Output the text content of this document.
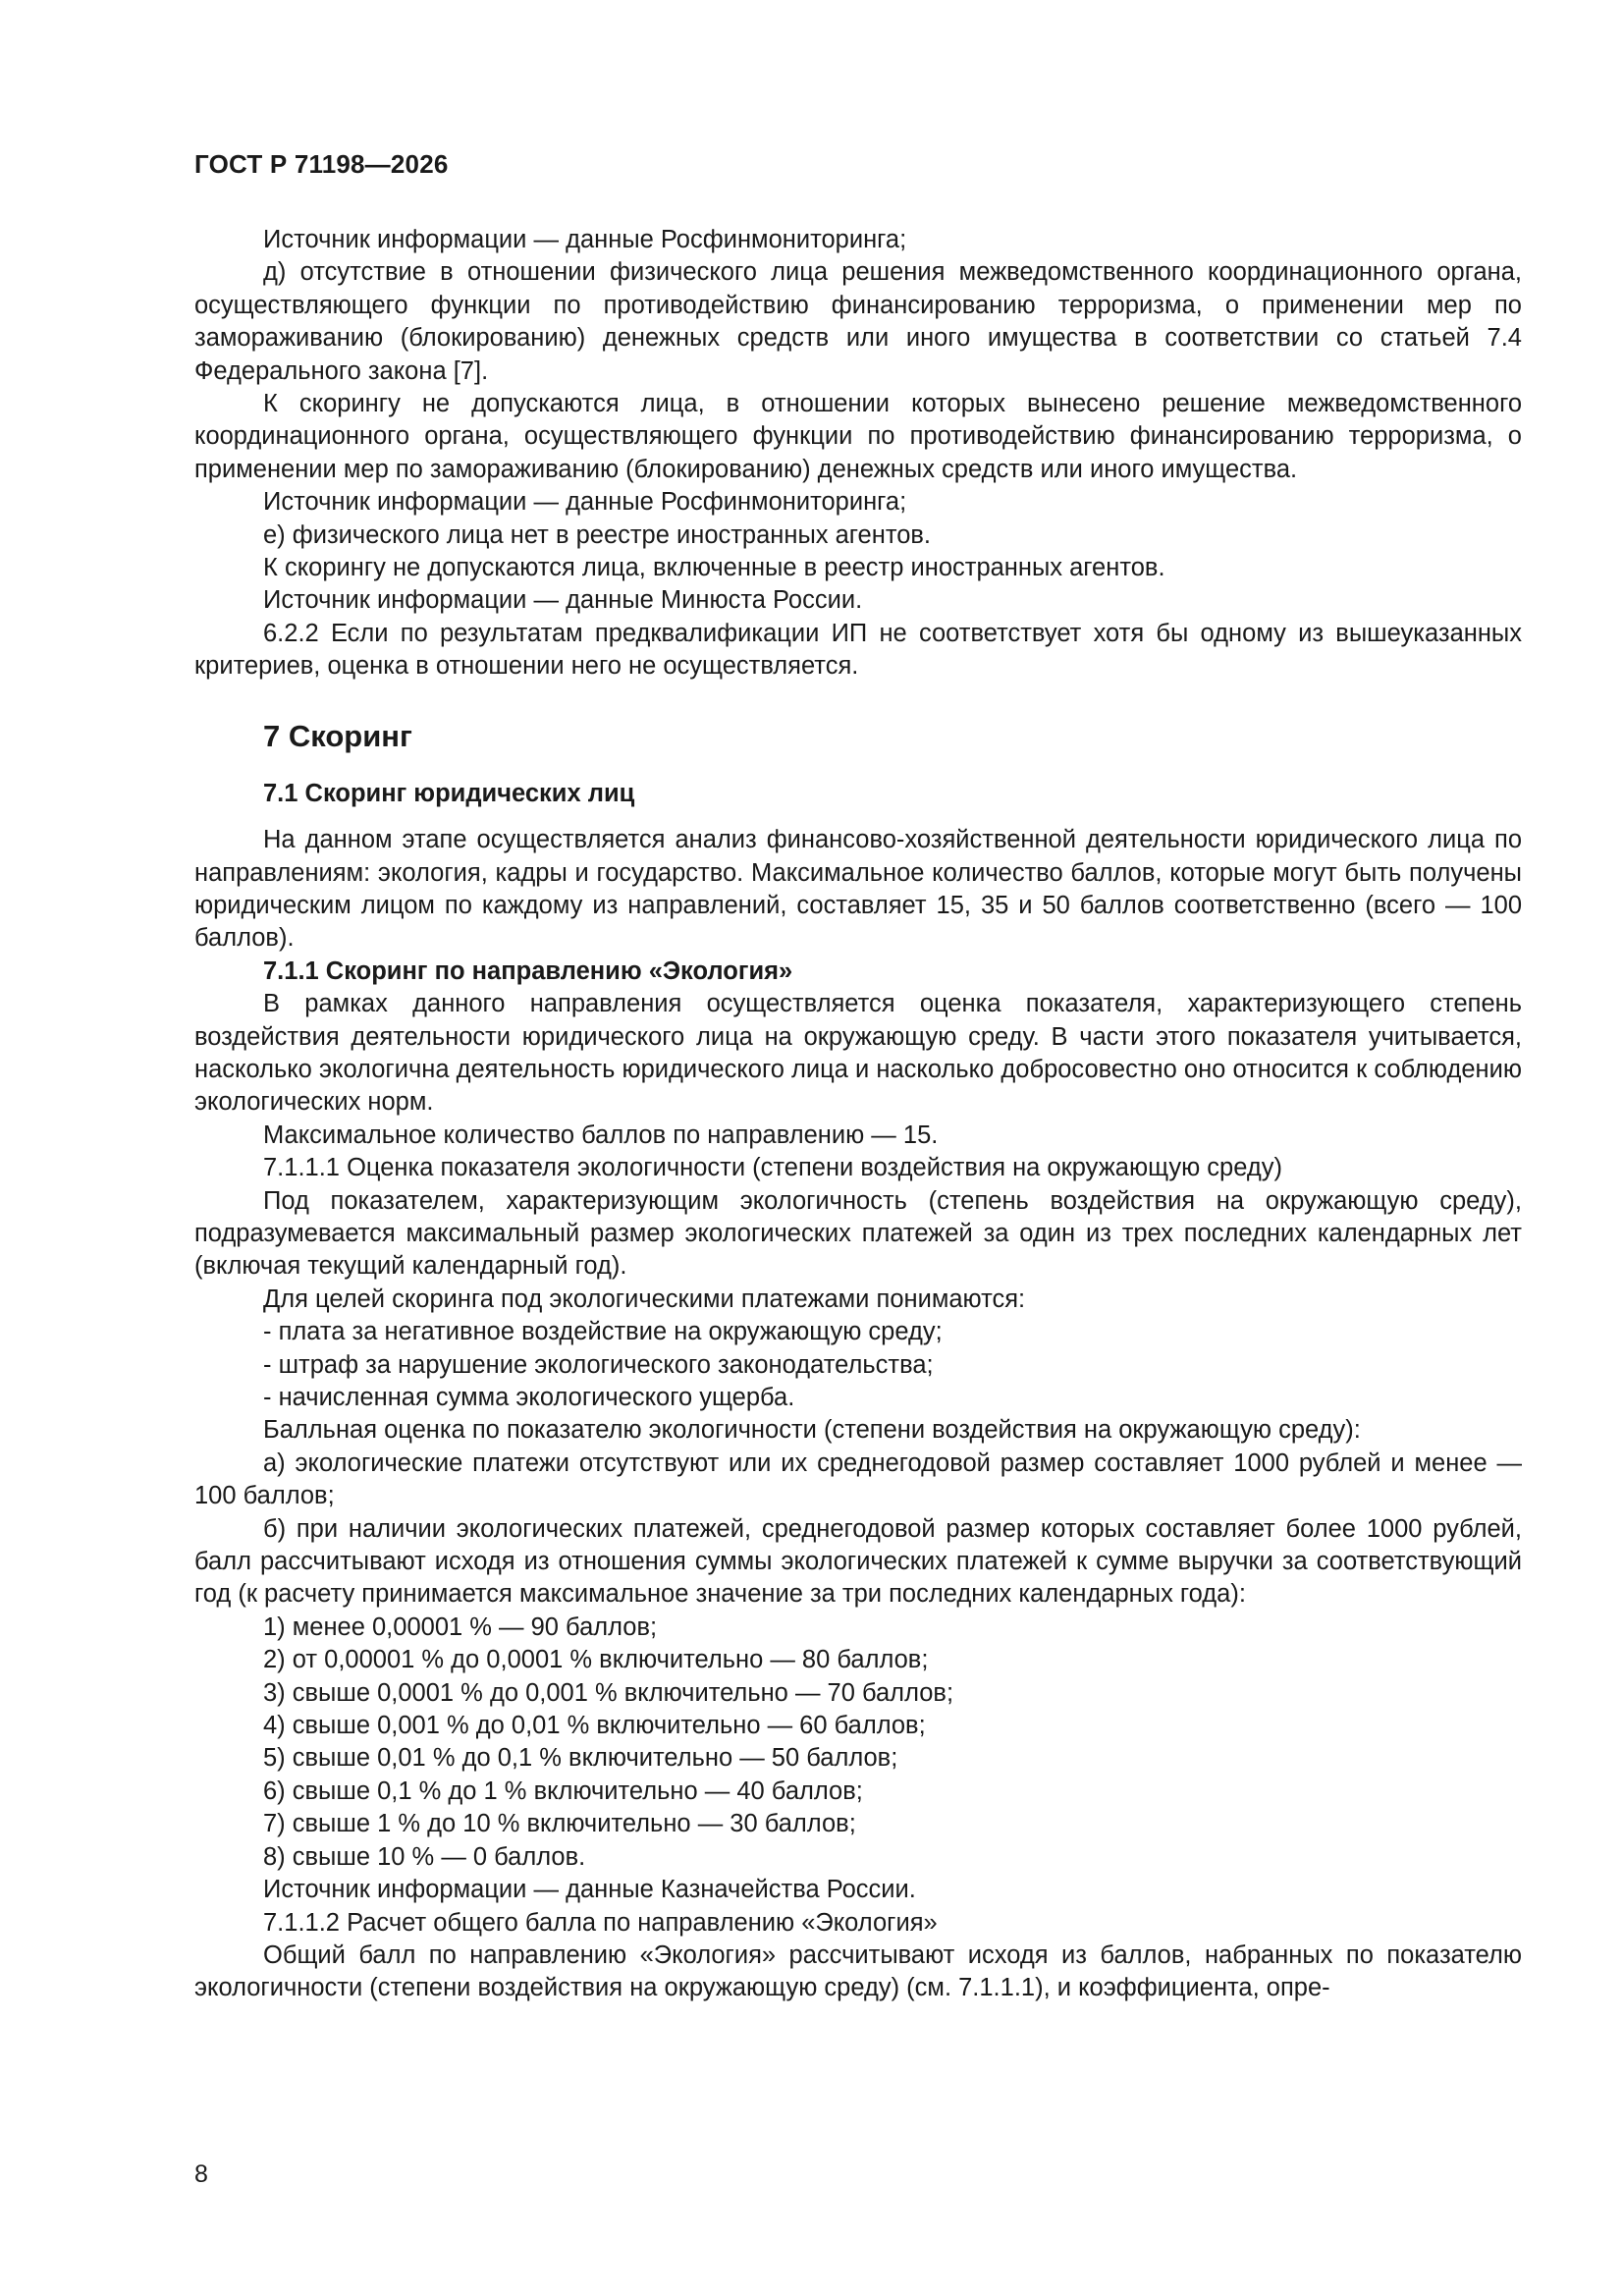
ГОСТ Р 71198—2026

Источник информации — данные Росфинмониторинга;

д) отсутствие в отношении физического лица решения межведомственного координационного органа, осуществляющего функции по противодействию финансированию терроризма, о применении мер по замораживанию (блокированию) денежных средств или иного имущества в соответствии со статьей 7.4 Федерального закона [7].

К скорингу не допускаются лица, в отношении которых вынесено решение межведомственного координационного органа, осуществляющего функции по противодействию финансированию терроризма, о применении мер по замораживанию (блокированию) денежных средств или иного имущества.

Источник информации — данные Росфинмониторинга;

е) физического лица нет в реестре иностранных агентов.

К скорингу не допускаются лица, включенные в реестр иностранных агентов.

Источник информации — данные Минюста России.

6.2.2 Если по результатам предквалификации ИП не соответствует хотя бы одному из вышеуказанных критериев, оценка в отношении него не осуществляется.

7 Скоринг
7.1 Скоринг юридических лиц

На данном этапе осуществляется анализ финансово-хозяйственной деятельности юридического лица по направлениям: экология, кадры и государство. Максимальное количество баллов, которые могут быть получены юридическим лицом по каждому из направлений, составляет 15, 35 и 50 баллов соответственно (всего — 100 баллов).

7.1.1 Скоринг по направлению «Экология»

В рамках данного направления осуществляется оценка показателя, характеризующего степень воздействия деятельности юридического лица на окружающую среду. В части этого показателя учитывается, насколько экологична деятельность юридического лица и насколько добросовестно оно относится к соблюдению экологических норм.

Максимальное количество баллов по направлению — 15.

7.1.1.1 Оценка показателя экологичности (степени воздействия на окружающую среду)

Под показателем, характеризующим экологичность (степень воздействия на окружающую среду), подразумевается максимальный размер экологических платежей за один из трех последних календарных лет (включая текущий календарный год).

Для целей скоринга под экологическими платежами понимаются:

- плата за негативное воздействие на окружающую среду;

- штраф за нарушение экологического законодательства;

- начисленная сумма экологического ущерба.

Балльная оценка по показателю экологичности (степени воздействия на окружающую среду):

а) экологические платежи отсутствуют или их среднегодовой размер составляет 1000 рублей и менее — 100 баллов;

б) при наличии экологических платежей, среднегодовой размер которых составляет более 1000 рублей, балл рассчитывают исходя из отношения суммы экологических платежей к сумме выручки за соответствующий год (к расчету принимается максимальное значение за три последних календарных года):

1) менее 0,00001 % — 90 баллов;

2) от 0,00001 % до 0,0001 % включительно — 80 баллов;

3) свыше 0,0001 % до 0,001 % включительно — 70 баллов;

4) свыше 0,001 % до 0,01 % включительно — 60 баллов;

5) свыше 0,01 % до 0,1 % включительно — 50 баллов;

6) свыше 0,1 % до 1 % включительно — 40 баллов;

7) свыше 1 % до 10 % включительно — 30 баллов;

8) свыше 10 % — 0 баллов.

Источник информации — данные Казначейства России.

7.1.1.2 Расчет общего балла по направлению «Экология»

Общий балл по направлению «Экология» рассчитывают исходя из баллов, набранных по показателю экологичности (степени воздействия на окружающую среду) (см. 7.1.1.1), и коэффициента, опре-

8
